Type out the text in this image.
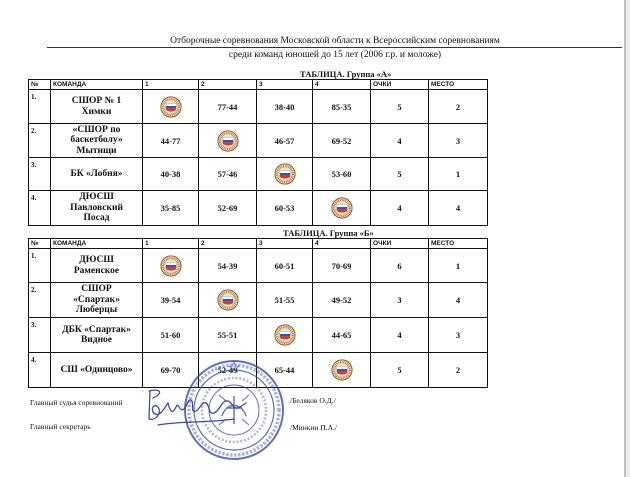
Отборочные соревнования Московской области к Всероссийским соревнованиям
среди команд юношей до 15 лет (2006 г.р. и моложе)
ТАБЛИЦА. Группа «А»
№	КОМАНДА	1	2	3	4	ОЧКИ	МЕСТО
1.	СШОР № 1
Химки		77-44	38-40	85-35	5	2
2.	«СШОР по
баскетболу»
Мытищи	44-77		46-57	69-52	4	3
3.	БК «Лобня»	40-38	57-46		53-60	5	1
4.	ДЮСШ
Павловский
Посад	35-85	52-69	60-53		4	4
ТАБЛИЦА. Группа «Б»
№	КОМАНДА	1	2	3	4	ОЧКИ	МЕСТО
1.	ДЮСШ
Раменское		54-39	60-51	70-69	6	1
2.	СШОР
«Спартак»
Люберцы	39-54		51-55	49-52	3	4
3.	ДБК «Спартак»
Видное	51-60	55-51		44-65	4	3
4.	СШ «Одинцово»	69-70	52-49	65-44		5	2
Главный судья соревнований	/Беляков О.Д./
Главный секретарь	/Минкин П.А./
